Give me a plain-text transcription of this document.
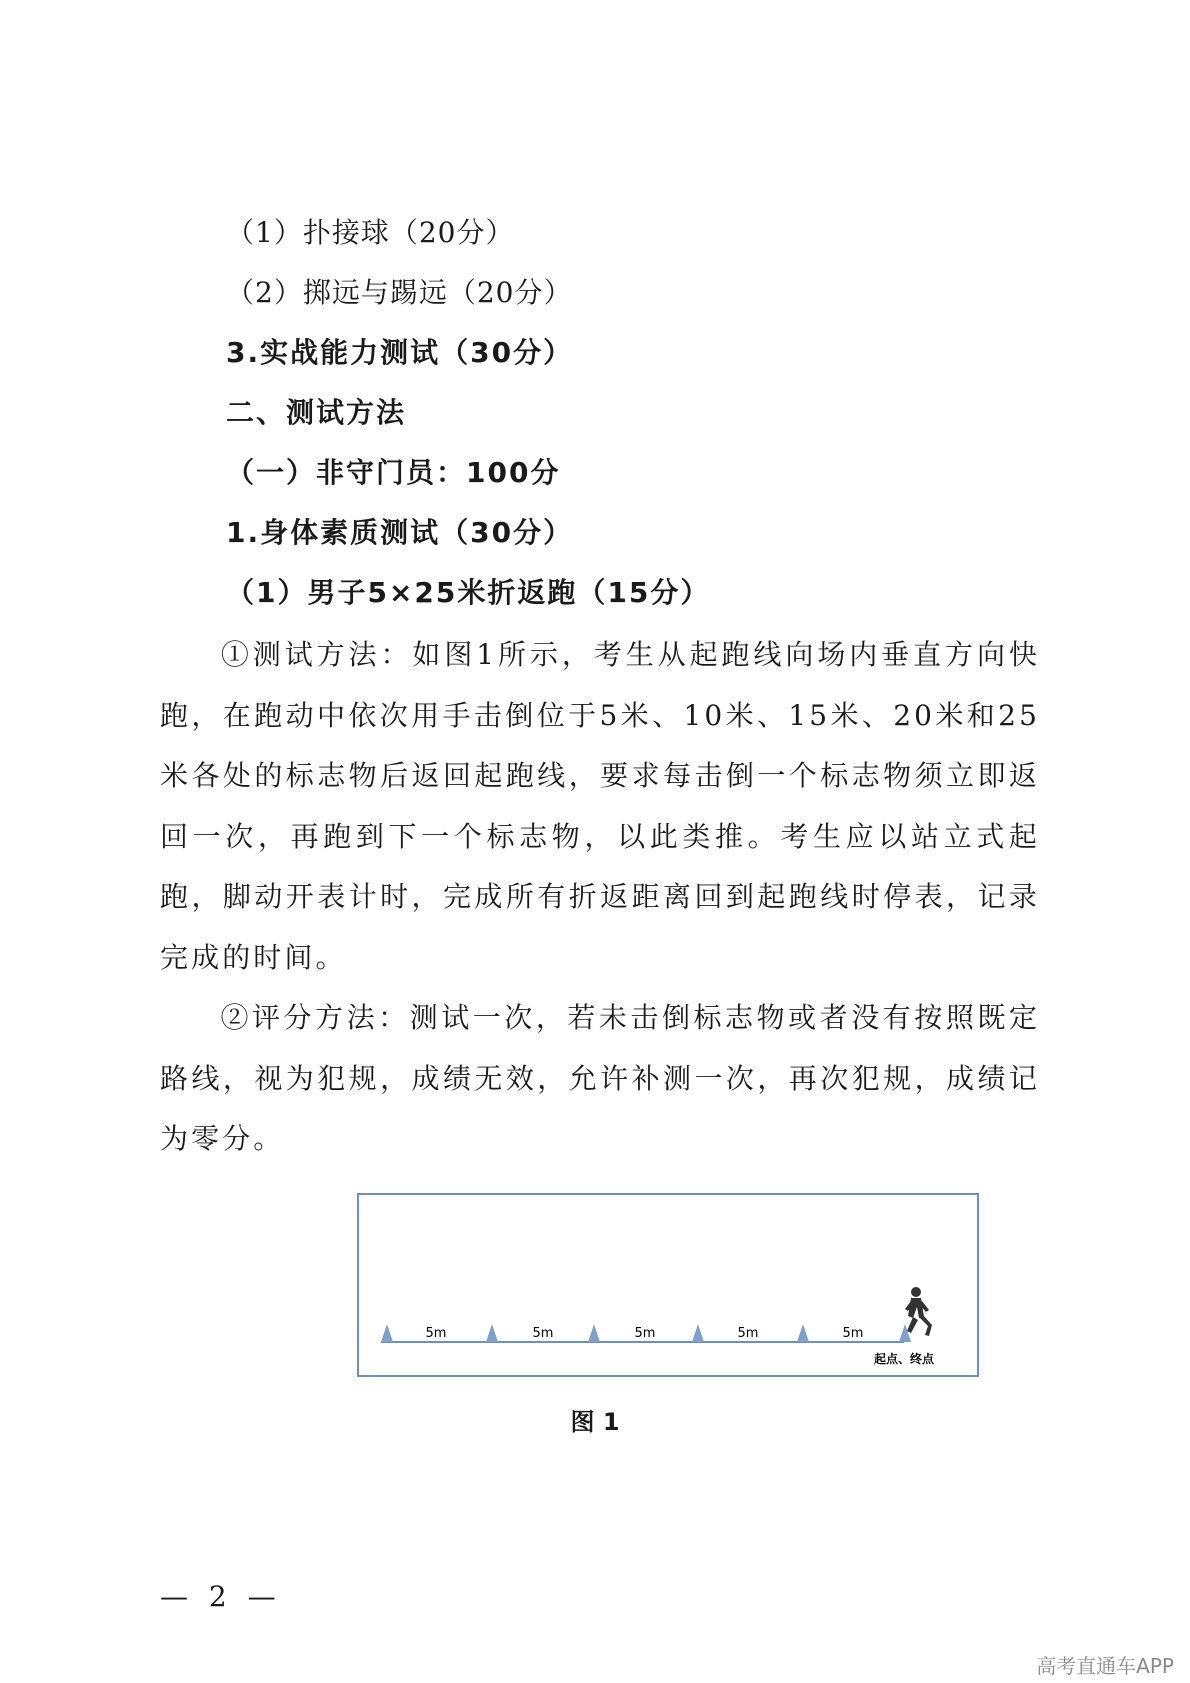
（1）扑接球（20分）
（2）掷远与踢远（20分）
3.实战能力测试（30分）
二、测试方法
（一）非守门员：100分
1.身体素质测试（30分）
（1）男子5×25米折返跑（15分）
①测试方法：如图1所示，考生从起跑线向场内垂直方向快跑，在跑动中依次用手击倒位于5米、10米、15米、20米和25米各处的标志物后返回起跑线，要求每击倒一个标志物须立即返回一次，再跑到下一个标志物，以此类推。考生应以站立式起跑，脚动开表计时，完成所有折返距离回到起跑线时停表，记录完成的时间。
②评分方法：测试一次，若未击倒标志物或者没有按照既定路线，视为犯规，成绩无效，允许补测一次，再次犯规，成绩记为零分。
5m	5m	5m	5m	5m
起点、终点
图 1
— 2 —
高考直通车APP
